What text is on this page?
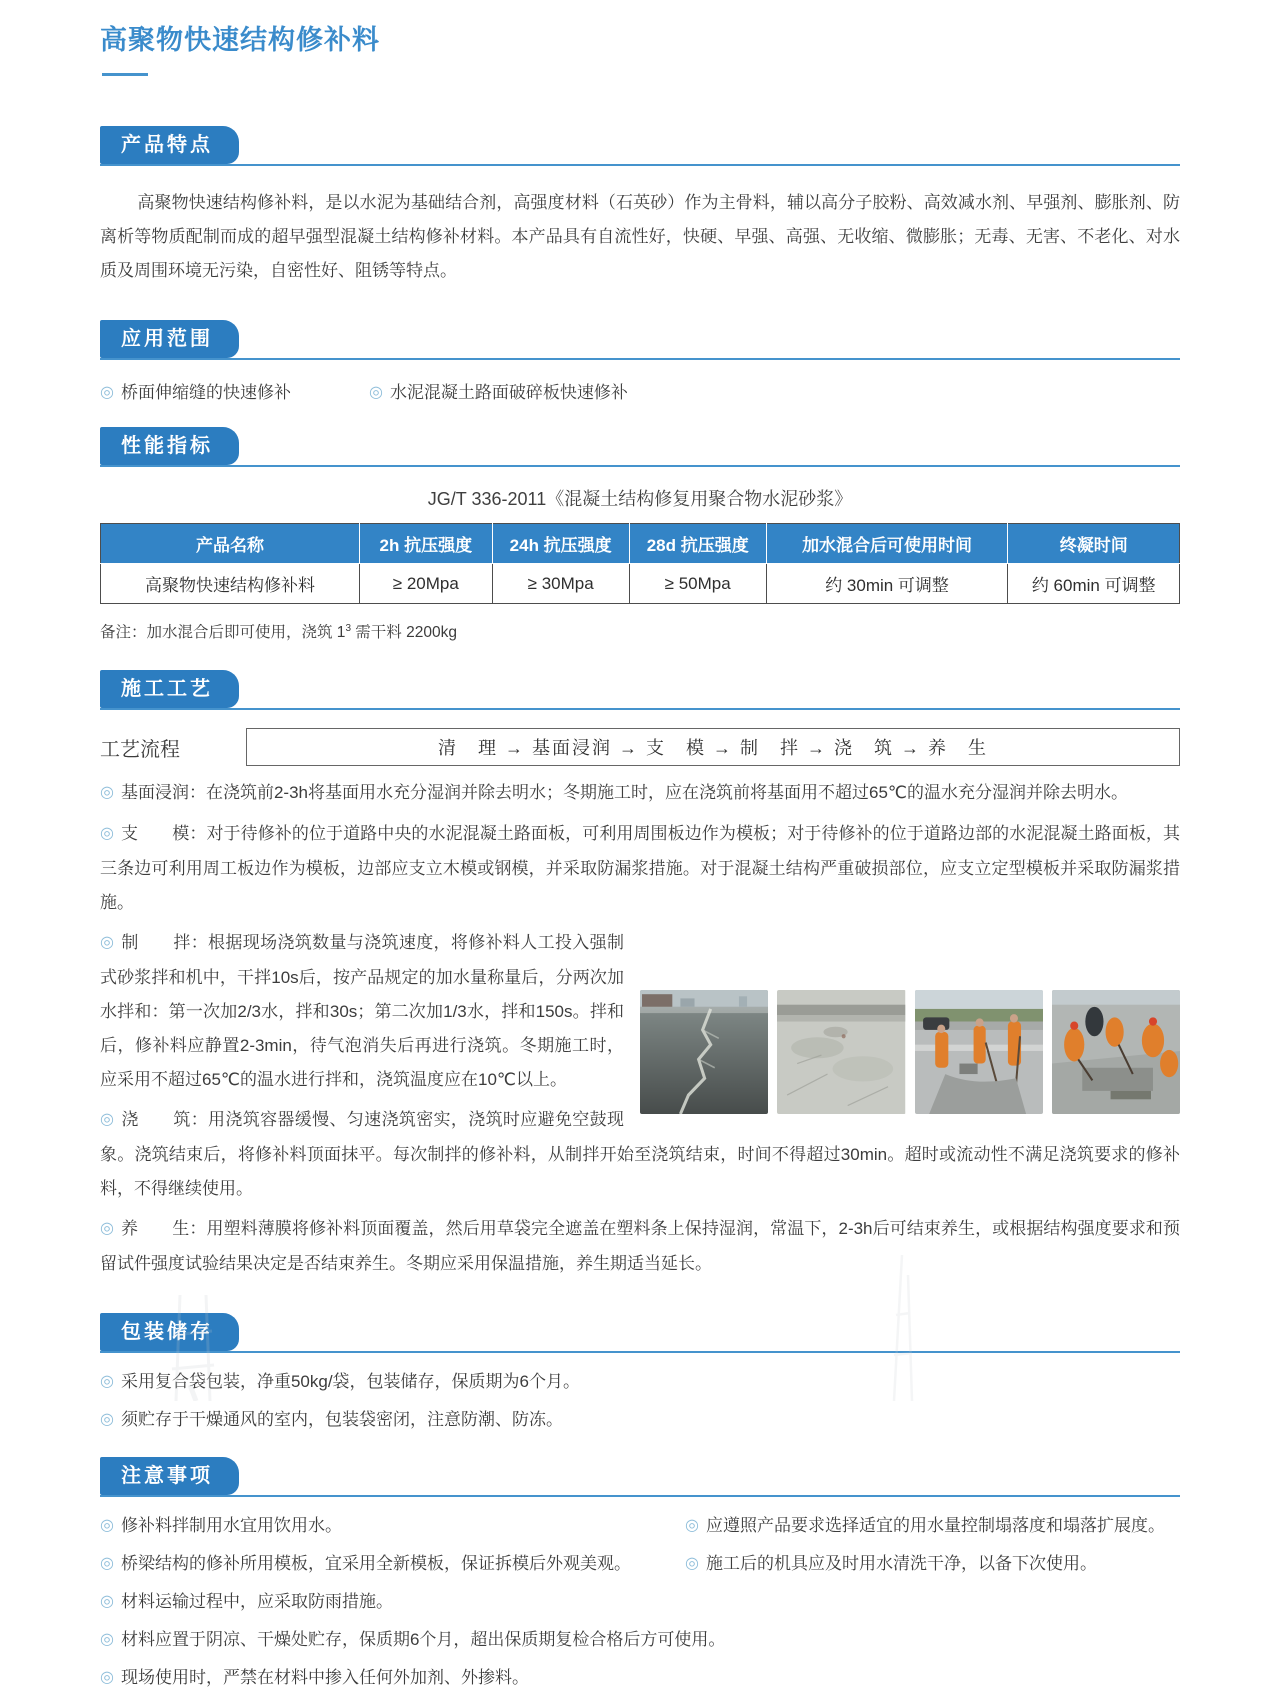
高聚物快速结构修补料
产品特点

高聚物快速结构修补料，是以水泥为基础结合剂，高强度材料（石英砂）作为主骨料，辅以高分子胶粉、高效减水剂、早强剂、膨胀剂、防离析等物质配制而成的超早强型混凝土结构修补材料。本产品具有自流性好，快硬、早强、高强、无收缩、微膨胀；无毒、无害、不老化、对水质及周围环境无污染，自密性好、阻锈等特点。

应用范围
◎ 桥面伸缩缝的快速修补	◎ 水泥混凝土路面破碎板快速修补
性能指标
JG/T 336-2011《混凝土结构修复用聚合物水泥砂浆》
产品名称	2h 抗压强度	24h 抗压强度	28d 抗压强度	加水混合后可使用时间	终凝时间
高聚物快速结构修补料	≥ 20Mpa	≥ 30Mpa	≥ 50Mpa	约 30min 可调整	约 60min 可调整
备注：加水混合后即可使用，浇筑 $1^3$ 需干料 2200kg
施工工艺
工艺流程	清　理 → 基面浸润 → 支　模 → 制　拌 → 浇　筑 → 养　生

◎ 基面浸润：在浇筑前2-3h将基面用水充分湿润并除去明水；冬期施工时，应在浇筑前将基面用不超过65℃的温水充分湿润并除去明水。

◎ 支　　模：对于待修补的位于道路中央的水泥混凝土路面板，可利用周围板边作为模板；对于待修补的位于道路边部的水泥混凝土路面板，其三条边可利用周工板边作为模板，边部应支立木模或钢模，并采取防漏浆措施。对于混凝土结构严重破损部位，应支立定型模板并采取防漏浆措施。

◎ 制　　拌：根据现场浇筑数量与浇筑速度，将修补料人工投入强制式砂浆拌和机中，干拌10s后，按产品规定的加水量称量后，分两次加水拌和：第一次加2/3水，拌和30s；第二次加1/3水，拌和150s。拌和后，修补料应静置2-3min，待气泡消失后再进行浇筑。冬期施工时，应采用不超过65℃的温水进行拌和，浇筑温度应在10℃以上。

◎ 浇　　筑：用浇筑容器缓慢、匀速浇筑密实，浇筑时应避免空鼓现象。浇筑结束后，将修补料顶面抹平。每次制拌的修补料，从制拌开始至浇筑结束，时间不得超过30min。超时或流动性不满足浇筑要求的修补料，不得继续使用。

◎ 养　　生：用塑料薄膜将修补料顶面覆盖，然后用草袋完全遮盖在塑料条上保持湿润，常温下，2-3h后可结束养生，或根据结构强度要求和预留试件强度试验结果决定是否结束养生。冬期应采用保温措施，养生期适当延长。

包装储存

◎ 采用复合袋包装，净重50kg/袋，包装储存，保质期为6个月。

◎ 须贮存于干燥通风的室内，包装袋密闭，注意防潮、防冻。

注意事项
◎ 修补料拌制用水宜用饮用水。	◎ 应遵照产品要求选择适宜的用水量控制塌落度和塌落扩展度。
◎ 桥梁结构的修补所用模板，宜采用全新模板，保证拆模后外观美观。	◎ 施工后的机具应及时用水清洗干净，以备下次使用。

◎ 材料运输过程中，应采取防雨措施。

◎ 材料应置于阴凉、干燥处贮存，保质期6个月，超出保质期复检合格后方可使用。

◎ 现场使用时，严禁在材料中掺入任何外加剂、外掺料。
